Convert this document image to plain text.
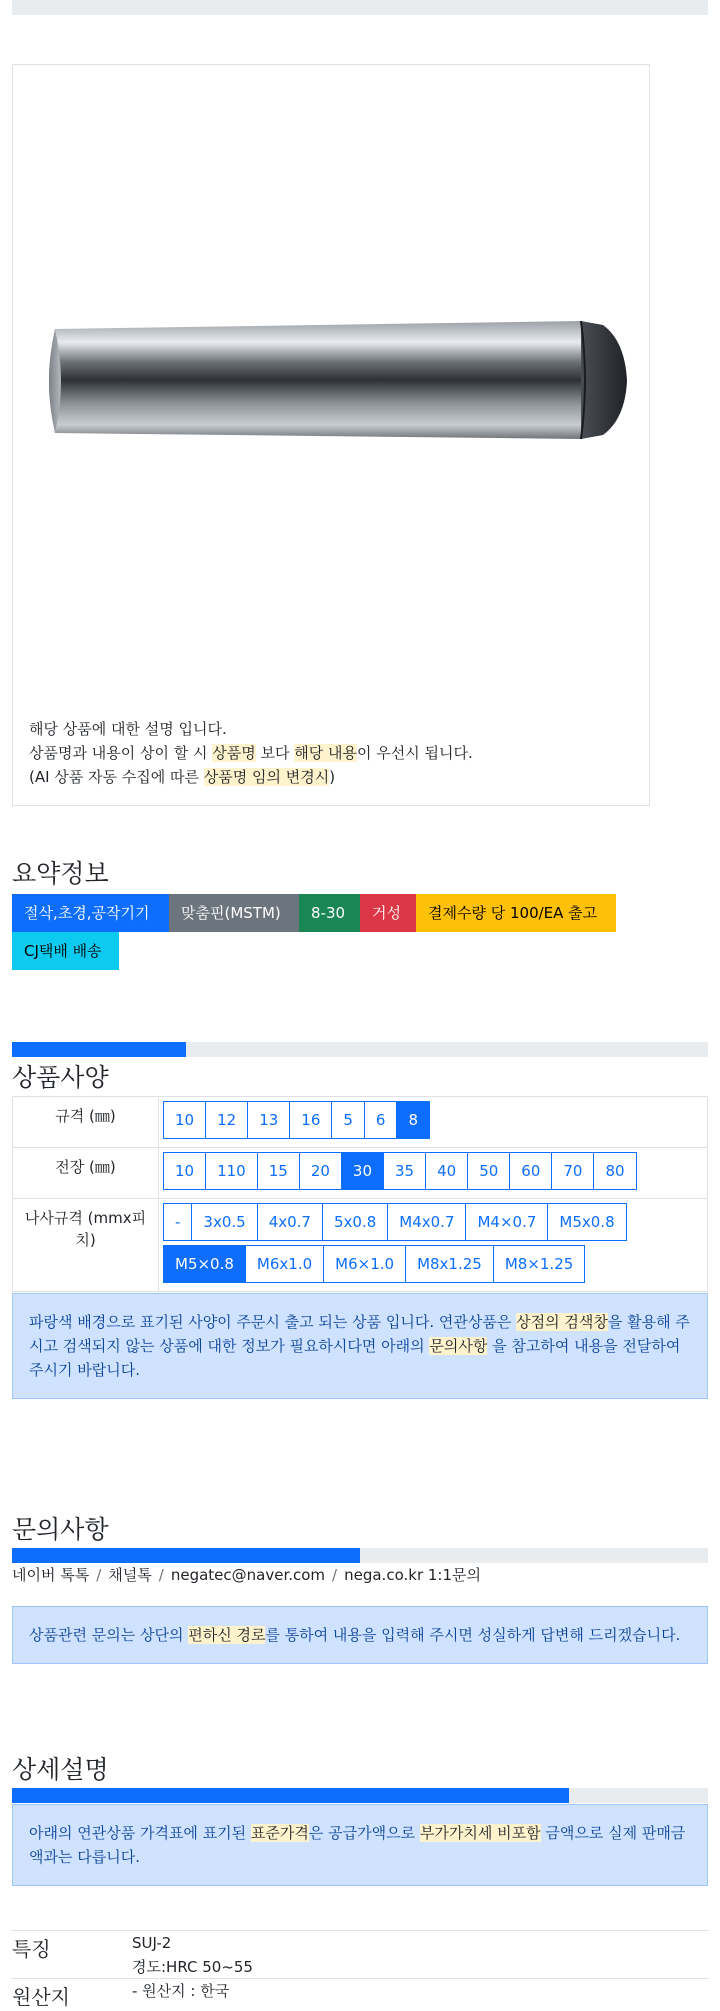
해당 상품에 대한 설명 입니다.
상품명과 내용이 상이 할 시 상품명 보다 해당 내용이 우선시 됩니다.
(AI 상품 자동 수집에 따른 상품명 임의 변경시)
요약정보
절삭,초경,공작기기	맞춤핀(MSTM)	8-30	거성	결제수량 당 100/EA 출고
CJ택배 배송
상품사양
규격 (㎜)	10 12 13 16 5 6 8

전장 (㎜)	10 110 15 20 30 35 40 50 60 70 80

나사규격 (mmx피치)	- 3x0.5 4x0.7 5x0.8 M4x0.7 M4×0.7 M5x0.8
M5×0.8 M6x1.0 M6×1.0 M8x1.25 M8×1.25
파랑색 배경으로 표기된 사양이 주문시 출고 되는 상품 입니다. 연관상품은 상점의 검색창을 활용해 주시고 검색되지 않는 상품에 대한 정보가 필요하시다면 아래의 문의사항 을 참고하여 내용을 전달하여 주시기 바랍니다.
문의사항
네이버 톡톡 / 채널톡 / negatec@naver.com / nega.co.kr 1:1문의
상품관련 문의는 상단의 편하신 경로를 통하여 내용을 입력해 주시면 성실하게 답변해 드리겠습니다.
상세설명
아래의 연관상품 가격표에 표기된 표준가격은 공급가액으로 부가가치세 비포함 금액으로 실제 판매금액과는 다릅니다.
특징	SUJ-2
경도:HRC 50~55
원산지	- 원산지 : 한국
